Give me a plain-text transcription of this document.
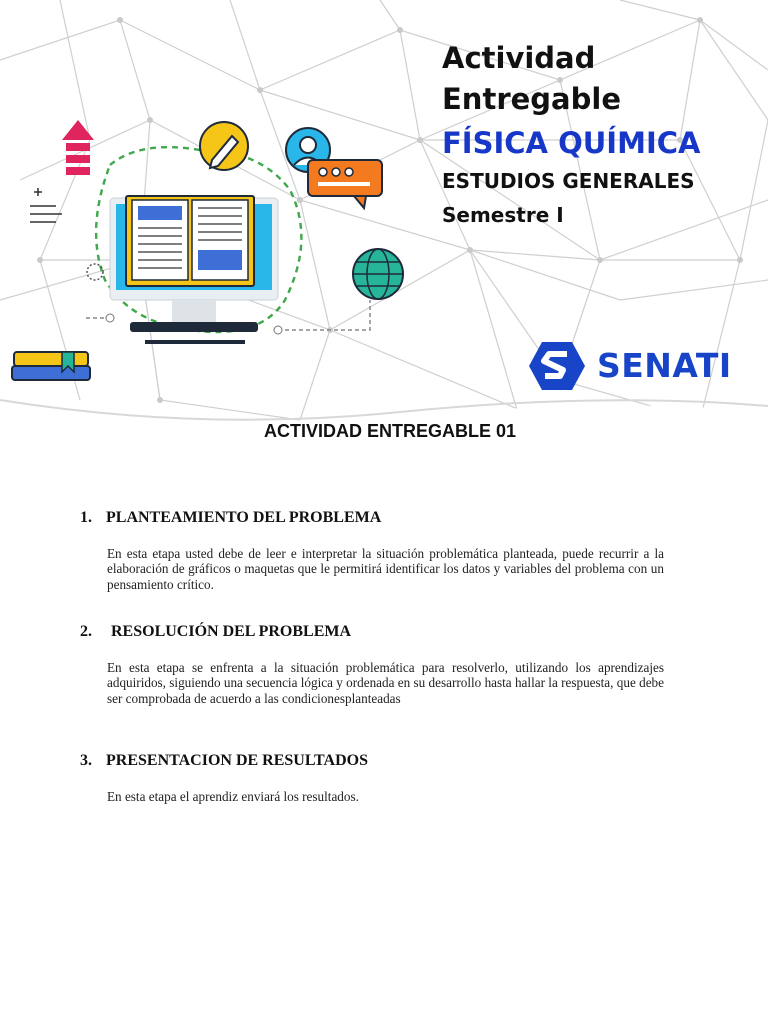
Actividad
Entregable
FÍSICA QUÍMICA
ESTUDIOS GENERALES
Semestre I
SENATI
ACTIVIDAD ENTREGABLE 01
1. PLANTEAMIENTO DEL PROBLEMA
En esta etapa usted debe de leer e interpretar la situación problemática planteada, puede recurrir a la elaboración de gráficos o maquetas que le permitirá identificar los datos y variables del problema con un pensamiento crítico.
2. RESOLUCIÓN DEL PROBLEMA
En esta etapa se enfrenta a la situación problemática para resolverlo, utilizando los aprendizajes adquiridos, siguiendo una secuencia lógica y ordenada en su desarrollo hasta hallar la respuesta, que debe ser comprobada de acuerdo a las condicionesplanteadas
3. PRESENTACION DE RESULTADOS
En esta etapa el aprendiz enviará los resultados.
